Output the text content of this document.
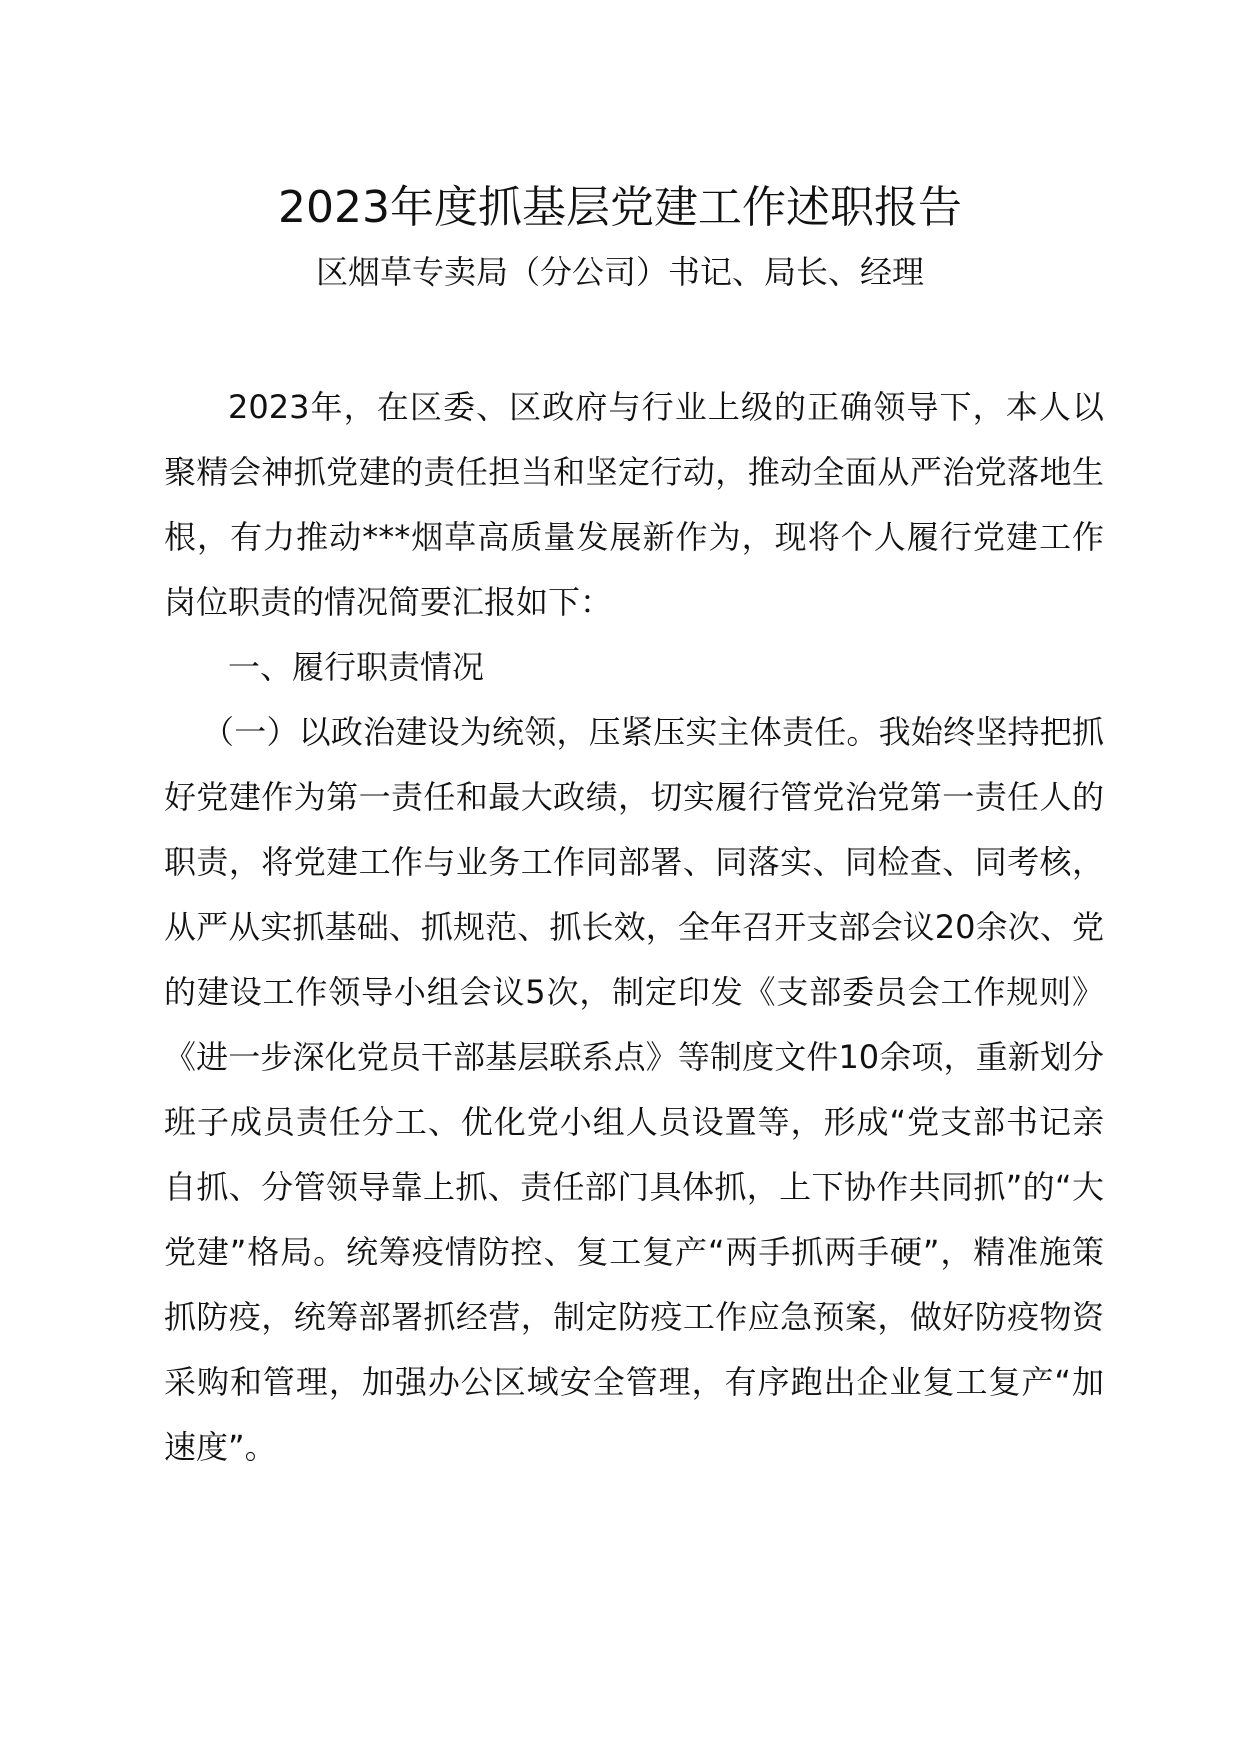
2023年度抓基层党建工作述职报告
区烟草专卖局（分公司）书记、局长、经理

2023年，在区委、区政府与行业上级的正确领导下，本人以聚精会神抓党建的责任担当和坚定行动，推动全面从严治党落地生根，有力推动***烟草高质量发展新作为，现将个人履行党建工作岗位职责的情况简要汇报如下：

一、履行职责情况

（一）以政治建设为统领，压紧压实主体责任。我始终坚持把抓好党建作为第一责任和最大政绩，切实履行管党治党第一责任人的职责，将党建工作与业务工作同部署、同落实、同检查、同考核，从严从实抓基础、抓规范、抓长效，全年召开支部会议20余次、党的建设工作领导小组会议5次，制定印发《支部委员会工作规则》《进一步深化党员干部基层联系点》等制度文件10余项，重新划分班子成员责任分工、优化党小组人员设置等，形成“党支部书记亲自抓、分管领导靠上抓、责任部门具体抓，上下协作共同抓”的“大党建”格局。统筹疫情防控、复工复产“两手抓两手硬”，精准施策抓防疫，统筹部署抓经营，制定防疫工作应急预案，做好防疫物资采购和管理，加强办公区域安全管理，有序跑出企业复工复产“加速度”。
